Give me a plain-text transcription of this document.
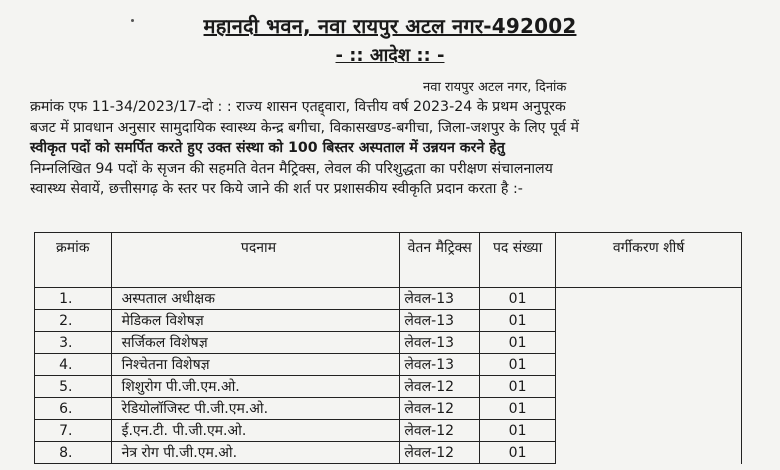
महानदी भवन, नवा रायपुर अटल नगर-492002
- :: आदेश :: -
नवा रायपुर अटल नगर, दिनांक
क्रमांक एफ 11-34/2023/17-दो : : राज्य शासन एतद्द्वारा, वित्तीय वर्ष 2023-24 के प्रथम अनुपूरक
बजट में प्रावधान अनुसार सामुदायिक स्वास्थ्य केन्द्र बगीचा, विकासखण्ड-बगीचा, जिला-जशपुर के लिए पूर्व में
स्वीकृत पदों को समर्पित करते हुए उक्त संस्था को 100 बिस्तर अस्पताल में उन्नयन करने हेतु
निम्नलिखित 94 पदों के सृजन की सहमति वेतन मैट्रिक्स, लेवल की परिशुद्धता का परीक्षण संचालनालय
स्वास्थ्य सेवायें, छत्तीसगढ़ के स्तर पर किये जाने की शर्त पर प्रशासकीय स्वीकृति प्रदान करता है :-
क्रमांक	पदनाम	वेतन मैट्रिक्स	पद संख्या	वर्गीकरण शीर्ष
1.	अस्पताल अधीक्षक	लेवल-13	01	
2.	मेडिकल विशेषज्ञ	लेवल-13	01	
3.	सर्जिकल विशेषज्ञ	लेवल-13	01	
4.	निश्चेतना विशेषज्ञ	लेवल-13	01	
5.	शिशुरोग पी.जी.एम.ओ.	लेवल-12	01	
6.	रेडियोलॉजिस्ट पी.जी.एम.ओ.	लेवल-12	01	
7.	ई.एन.टी. पी.जी.एम.ओ.	लेवल-12	01	
8.	नेत्र रोग पी.जी.एम.ओ.	लेवल-12	01	
